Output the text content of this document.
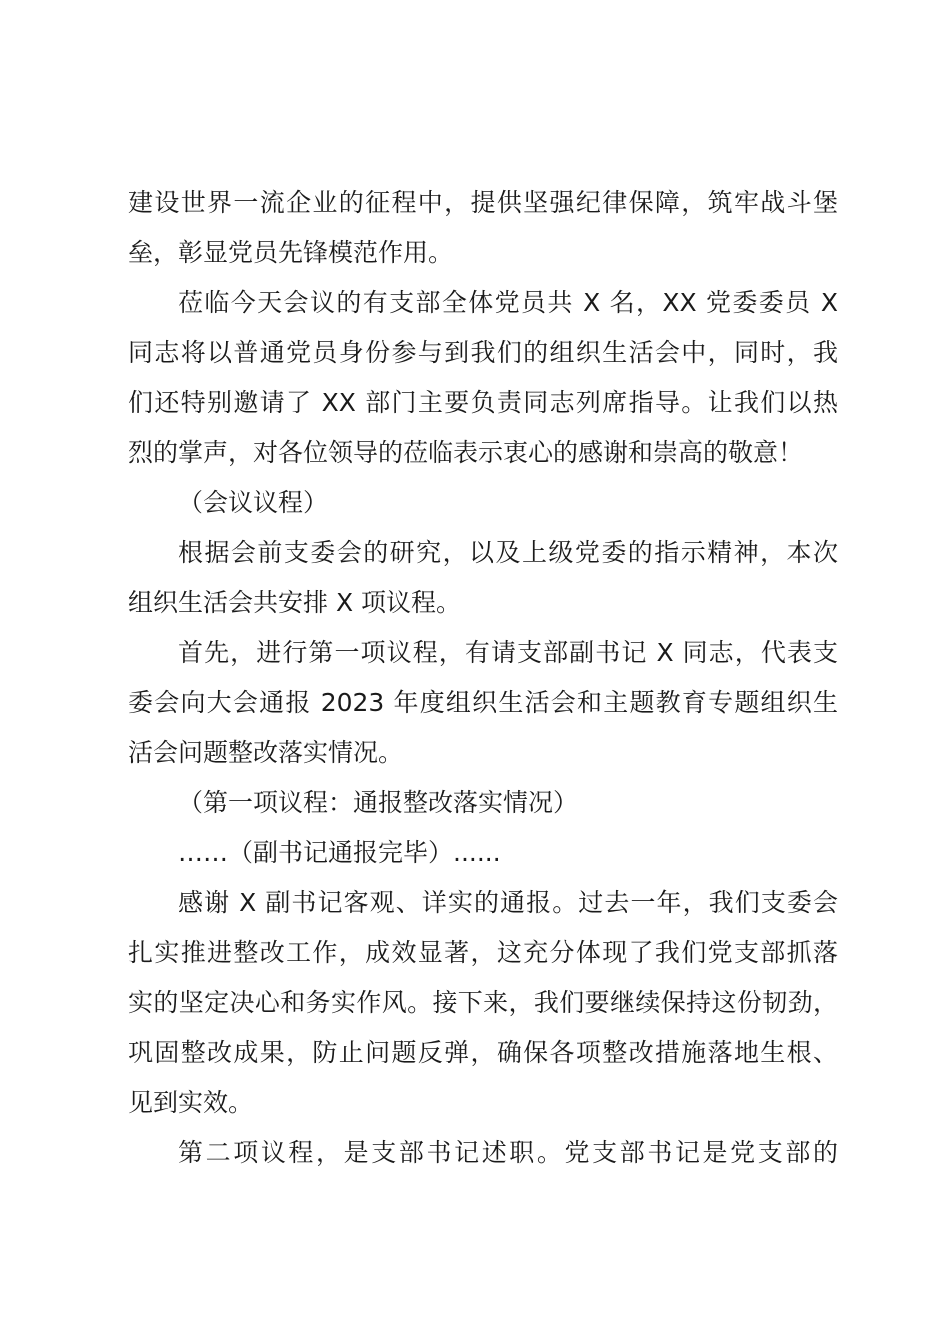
建设世界一流企业的征程中，提供坚强纪律保障，筑牢战斗堡
垒，彰显党员先锋模范作用。
莅临今天会议的有支部全体党员共 X 名，XX 党委委员 X
同志将以普通党员身份参与到我们的组织生活会中，同时，我
们还特别邀请了 XX 部门主要负责同志列席指导。让我们以热
烈的掌声，对各位领导的莅临表示衷心的感谢和崇高的敬意！
（会议议程）
根据会前支委会的研究，以及上级党委的指示精神，本次
组织生活会共安排 X 项议程。
首先，进行第一项议程，有请支部副书记 X 同志，代表支
委会向大会通报 2023 年度组织生活会和主题教育专题组织生
活会问题整改落实情况。
（第一项议程：通报整改落实情况）
……（副书记通报完毕）......
感谢 X 副书记客观、详实的通报。过去一年，我们支委会
扎实推进整改工作，成效显著，这充分体现了我们党支部抓落
实的坚定决心和务实作风。接下来，我们要继续保持这份韧劲，
巩固整改成果，防止问题反弹，确保各项整改措施落地生根、
见到实效。
第二项议程，是支部书记述职。党支部书记是党支部的
